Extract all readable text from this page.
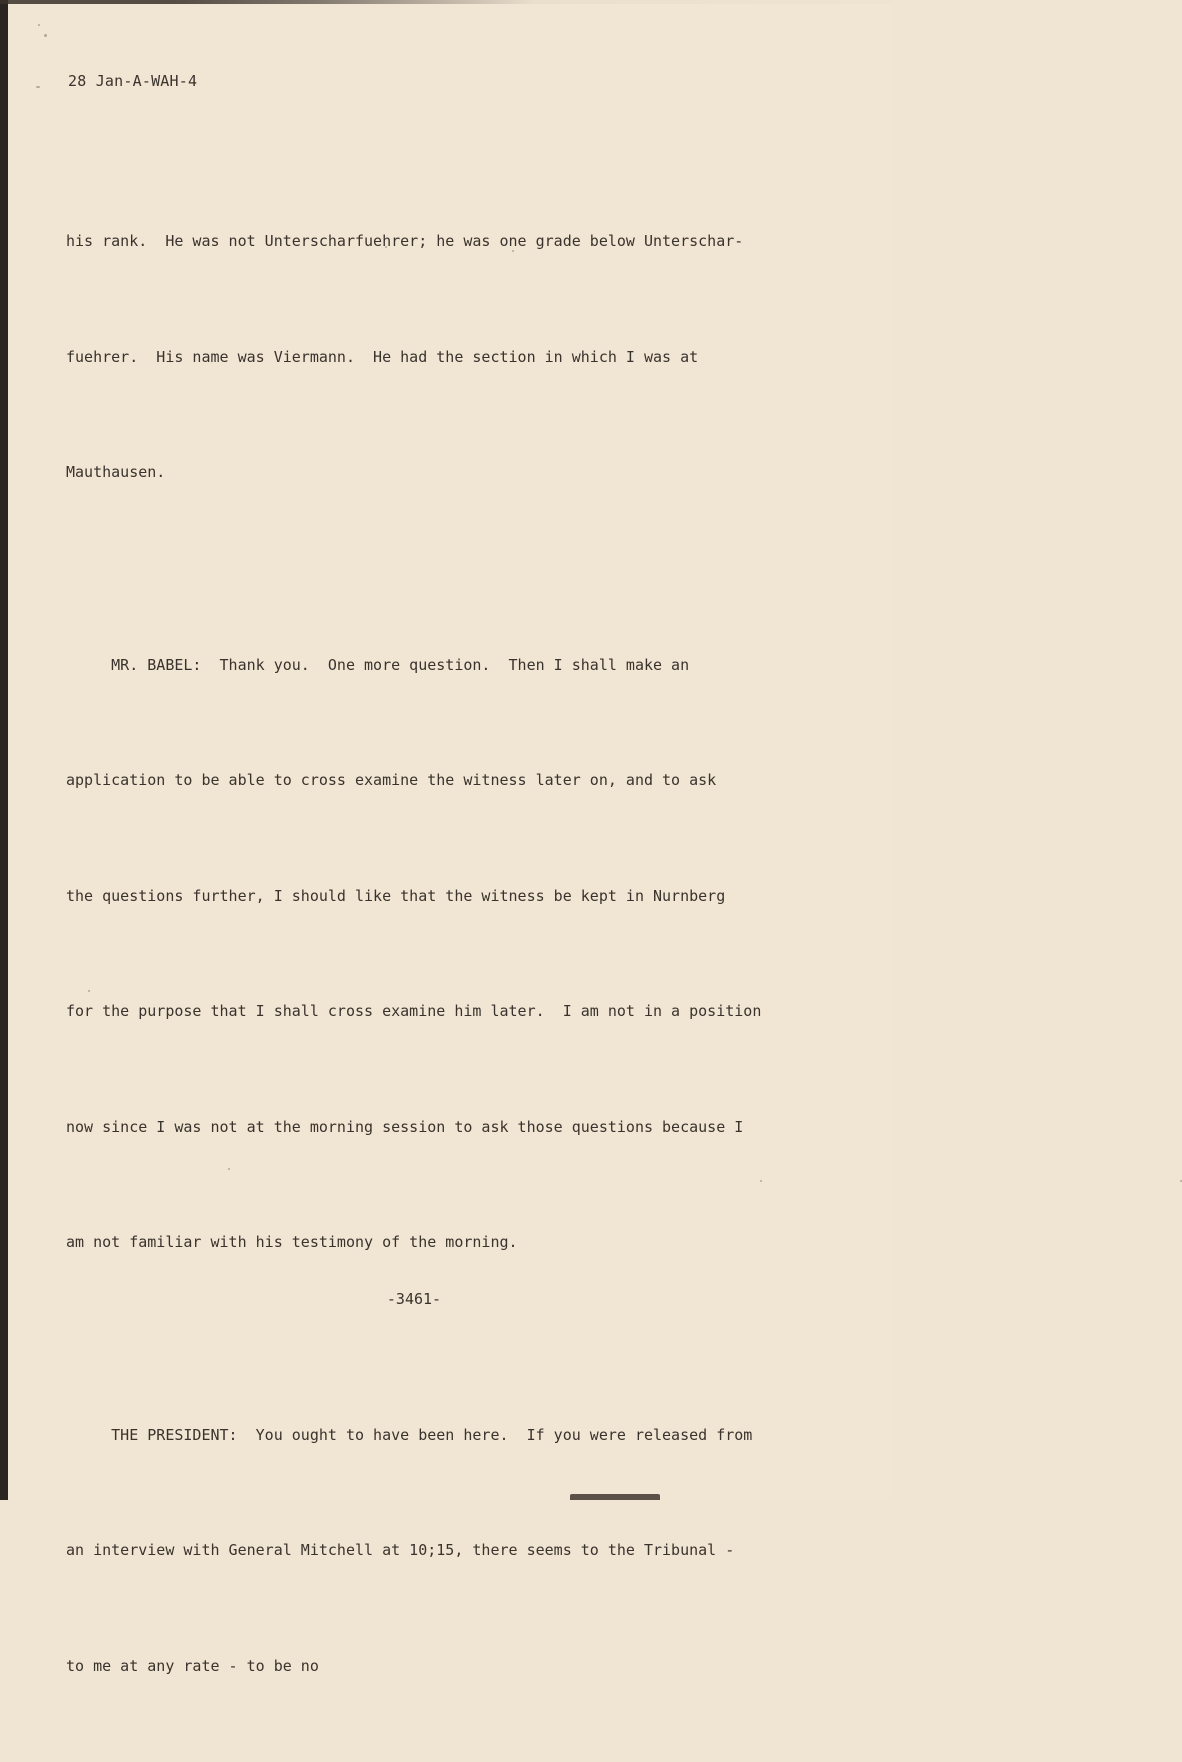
28 Jan-A-WAH-4

his rank.  He was not Unterscharfuehrer; he was one grade below Unterschar-

fuehrer.  His name was Viermann.  He had the section in which I was at

Mauthausen.

MR. BABEL:  Thank you.  One more question.  Then I shall make an

application to be able to cross examine the witness later on, and to ask

the questions further, I should like that the witness be kept in Nurnberg

for the purpose that I shall cross examine him later.  I am not in a position

now since I was not at the morning session to ask those questions because I

am not familiar with his testimony of the morning.

THE PRESIDENT:  You ought to have been here.  If you were released from

an interview with General Mitchell at 10;15, there seems to the Tribunal -

to me at any rate - to be no

-3461-
